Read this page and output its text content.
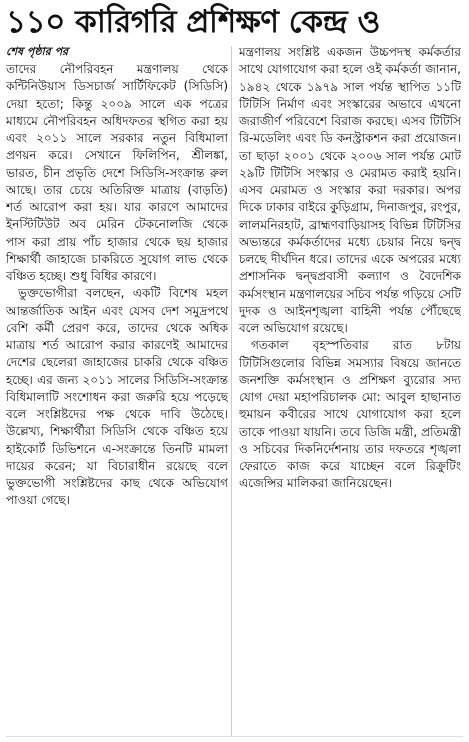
১১০ কারিগরি প্রশিক্ষণ কেন্দ্র ও
শেষ পৃষ্ঠার পর

তাদের নৌপরিবহন মন্ত্রণালয় থেকে কন্টিনিউয়াস ডিসচার্জ সার্টিফিকেট (সিডিসি) দেয়া হতো; কিন্তু ২০০৯ সালে এক পত্রের মাধ্যমে নৌপরিবহন অধিদফতর স্থগিত করা হয় এবং ২০১১ সালে সরকার নতুন বিধিমালা প্রণয়ন করে। সেখানে ফিলিপিন, শ্রীলঙ্কা, ভারত, চীন প্রভৃতি দেশে সিডিসি-সংক্রান্ত রুল আছে। তার চেয়ে অতিরিক্ত মাত্রায় (বাড়তি) শর্ত আরোপ করা হয়। যার কারণে আমাদের ইনস্টিটিউট অব মেরিন টেকনোলজি থেকে পাস করা প্রায় পাঁচ হাজার থেকে ছয় হাজার শিক্ষার্থী জাহাজে চাকরিতে সুযোগ লাভ থেকে বঞ্চিত হচ্ছে। শুধু বিধির কারণে।

ভুক্তভোগীরা বলছেন, একটি বিশেষ মহল আন্তর্জাতিক আইন এবং যেসব দেশ সমুদ্রপথে বেশি কর্মী প্রেরণ করে, তাদের থেকে অধিক মাত্রায় শর্ত আরোপ করার কারণেই আমাদের দেশের ছেলেরা জাহাজের চাকরি থেকে বঞ্চিত হচ্ছে। এর জন্য ২০১১ সালের সিডিসি-সংক্রান্ত বিধিমালাটি সংশোধন করা জরুরি হয়ে পড়েছে বলে সংশ্লিষ্টদের পক্ষ থেকে দাবি উঠেছে। উল্লেখ্য, শিক্ষার্থীরা সিডিসি থেকে বঞ্চিত হয়ে হাইকোর্ট ডিভিশনে এ-সংক্রান্তে তিনটি মামলা দায়ের করেন; যা বিচারাধীন রয়েছে বলে ভুক্তভোগী সংশ্লিষ্টদের কাছ থেকে অভিযোগ পাওয়া গেছে।

মন্ত্রণালয় সংশ্লিষ্ট একজন উচ্চপদস্থ কর্মকর্তার সাথে যোগাযোগ করা হলে ওই কর্মকর্তা জানান, ১৯৪২ থেকে ১৯৭৯ সাল পর্যন্ত স্থাপিত ১১টি টিটিসি নির্মাণ এবং সংস্কারের অভাবে এখনো জরাজীর্ণ পরিবেশে বিরাজ করছে। এসব টিটিসি রি-মডেলিং এবং ডি কনস্ট্রাকশন করা প্রয়োজন। তা ছাড়া ২০০১ থেকে ২০০৬ সাল পর্যন্ত মোট ২৯টি টিটিসি সংস্কার ও মেরামত করাই হয়নি। এসব মেরামত ও সংস্কার করা দরকার। অপর দিকে ঢাকার বাইরে কুড়িগ্রাম, দিনাজপুর, রংপুর, লালমনিরহাট, ব্রাহ্মণবাড়িয়াসহ বিভিন্ন টিটিসির অভ্যন্তরে কর্মকর্তাদের মধ্যে চেয়ার নিয়ে দ্বন্দ্ব চলছে দীর্ঘদিন ধরে। তাদের একে অপরের মধ্যে প্রশাসনিক দ্বন্দ্বপ্রবাসী কল্যাণ ও বৈদেশিক কর্মসংস্থান মন্ত্রণালয়ের সচিব পর্যন্ত গড়িয়ে সেটি দুদক ও আইনশৃঙ্খলা বাহিনী পর্যন্ত পৌঁছেছে বলে অভিযোগ রয়েছে।

গতকাল বৃহস্পতিবার রাত ৮টায় টিটিসিগুলোর বিভিন্ন সমস্যার বিষয়ে জানতে জনশক্তি কর্মসংস্থান ও প্রশিক্ষণ ব্যুরোর সদ্য যোগ দেয়া মহাপরিচালক মো: আবুল হাছানাত হুমায়ন কবীরের সাথে যোগাযোগ করা হলে তাকে পাওয়া যায়নি। তবে ডিজি মন্ত্রী, প্রতিমন্ত্রী ও সচিবের দিকনির্দেশনায় তার দফতরে শৃঙ্খলা ফেরাতে কাজ করে যাচ্ছেন বলে রিক্রুটিং এজেন্সির মালিকরা জানিয়েছেন।
